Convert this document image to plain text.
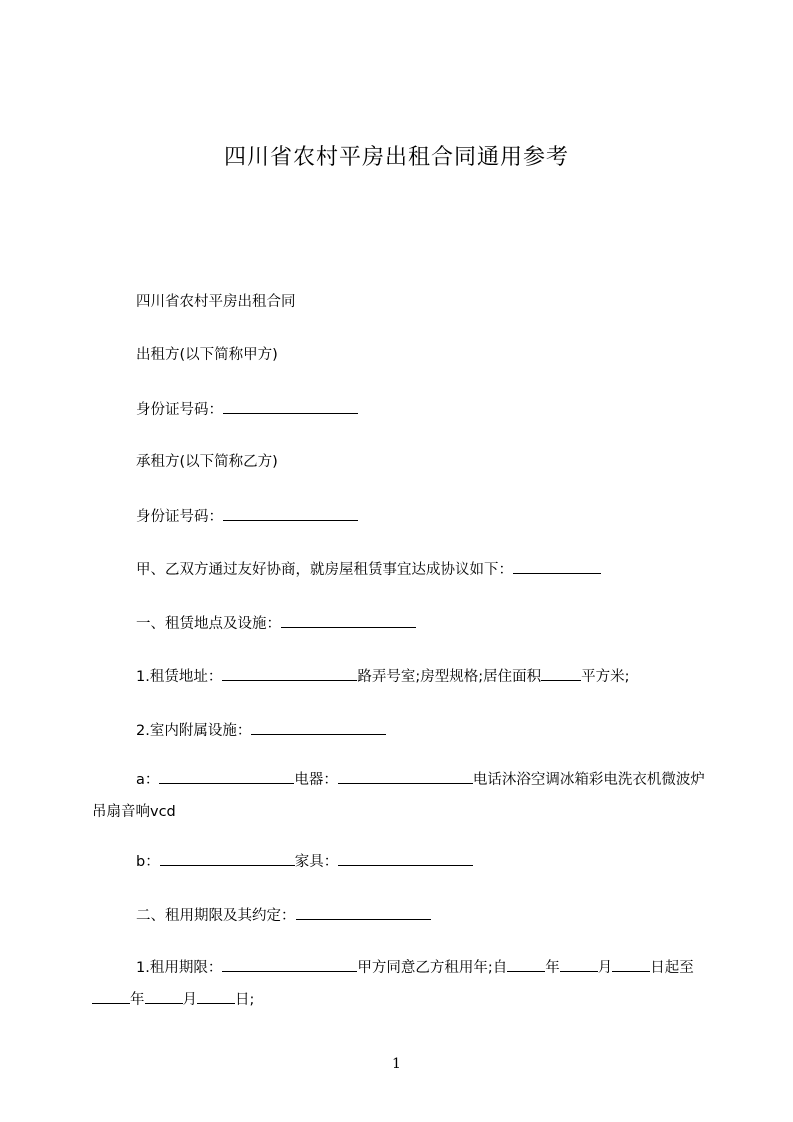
四川省农村平房出租合同通用参考
四川省农村平房出租合同
出租方(以下简称甲方)
身份证号码：
承租方(以下简称乙方)
身份证号码：
甲、乙双方通过友好协商，就房屋租赁事宜达成协议如下：
一、租赁地点及设施：
1.租赁地址：	路弄号室;房型规格;居住面积	平方米;
2.室内附属设施：
a：	电器：	电话沐浴空调冰箱彩电洗衣机微波炉吊扇音响vcd
b：	家具：
二、租用期限及其约定：
1.租用期限：	甲方同意乙方租用年;自	年	月	日起至年	月	日;
1
